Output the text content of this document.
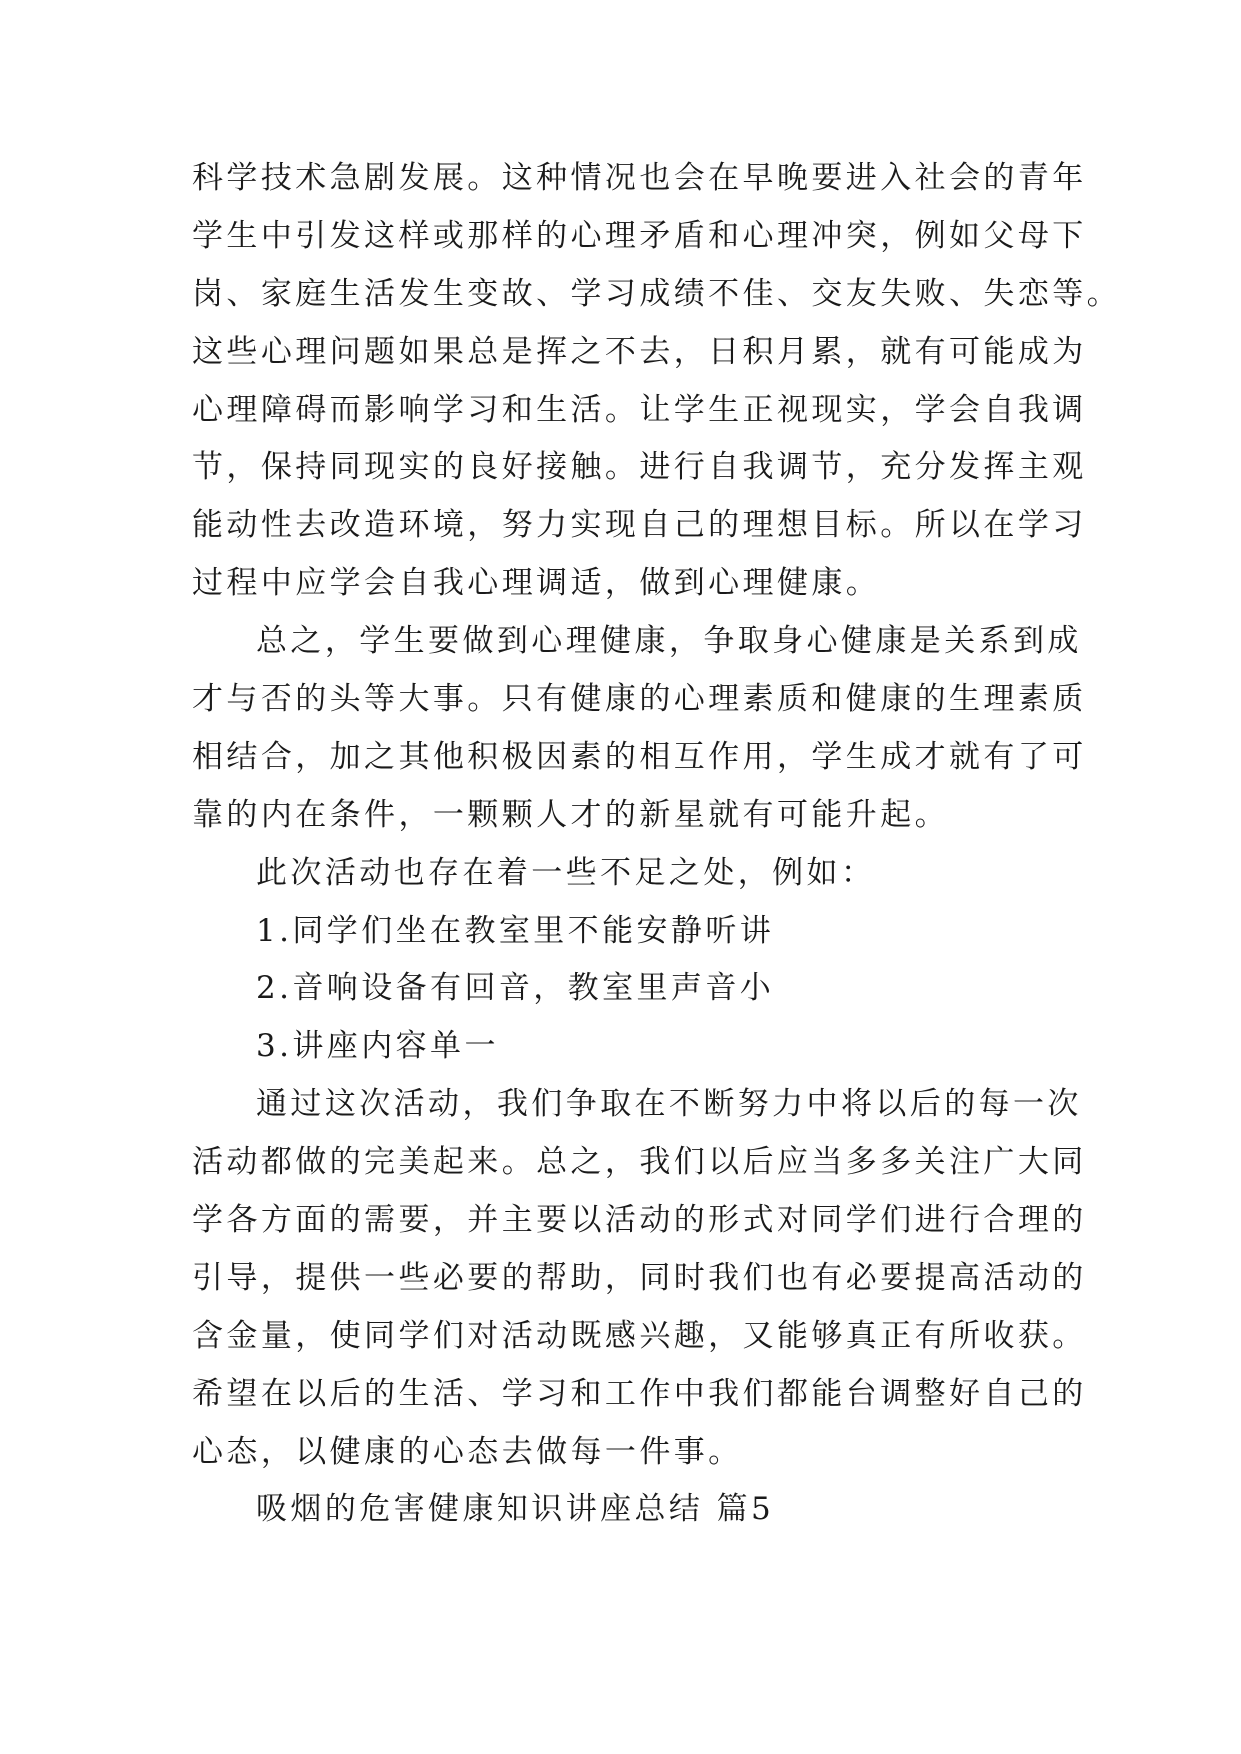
科学技术急剧发展。这种情况也会在早晚要进入社会的青年
学生中引发这样或那样的心理矛盾和心理冲突，例如父母下
岗、家庭生活发生变故、学习成绩不佳、交友失败、失恋等。
这些心理问题如果总是挥之不去，日积月累，就有可能成为
心理障碍而影响学习和生活。让学生正视现实，学会自我调
节，保持同现实的良好接触。进行自我调节，充分发挥主观
能动性去改造环境，努力实现自己的理想目标。所以在学习
过程中应学会自我心理调适，做到心理健康。
总之，学生要做到心理健康，争取身心健康是关系到成
才与否的头等大事。只有健康的心理素质和健康的生理素质
相结合，加之其他积极因素的相互作用，学生成才就有了可
靠的内在条件，一颗颗人才的新星就有可能升起。
此次活动也存在着一些不足之处，例如：
1.同学们坐在教室里不能安静听讲
2.音响设备有回音，教室里声音小
3.讲座内容单一
通过这次活动，我们争取在不断努力中将以后的每一次
活动都做的完美起来。总之，我们以后应当多多关注广大同
学各方面的需要，并主要以活动的形式对同学们进行合理的
引导，提供一些必要的帮助，同时我们也有必要提高活动的
含金量，使同学们对活动既感兴趣，又能够真正有所收获。
希望在以后的生活、学习和工作中我们都能台调整好自己的
心态，以健康的心态去做每一件事。
吸烟的危害健康知识讲座总结 篇5
